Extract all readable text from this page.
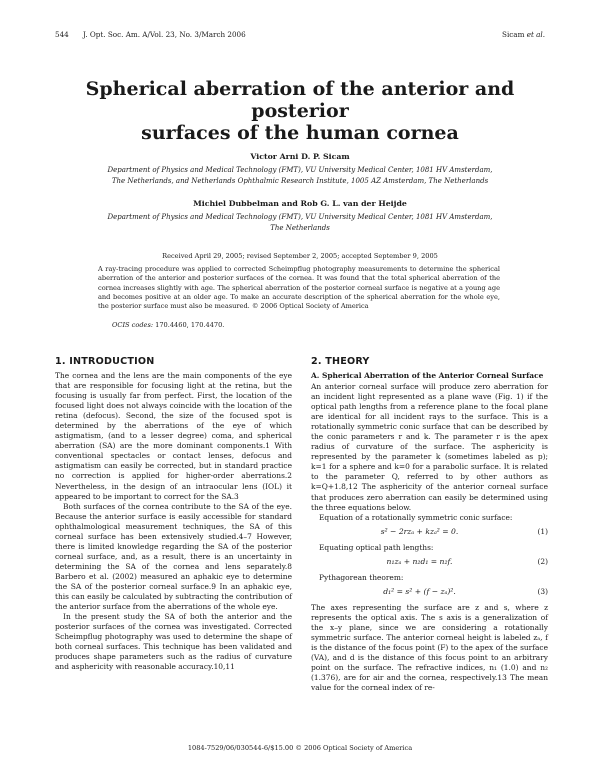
544 J. Opt. Soc. Am. A/Vol. 23, No. 3/March 2006	Sicam et al.
Spherical aberration of the anterior and posterior
surfaces of the human cornea
Victor Arni D. P. Sicam
Department of Physics and Medical Technology (FMT), VU University Medical Center, 1081 HV Amsterdam,
The Netherlands, and Netherlands Ophthalmic Research Institute, 1005 AZ Amsterdam, The Netherlands
Michiel Dubbelman and Rob G. L. van der Heijde
Department of Physics and Medical Technology (FMT), VU University Medical Center, 1081 HV Amsterdam,
The Netherlands
Received April 29, 2005; revised September 2, 2005; accepted September 9, 2005

A ray-tracing procedure was applied to corrected Scheimpflug photography measurements to determine the spherical aberration of the anterior and posterior surfaces of the cornea. It was found that the total spherical aberration of the cornea increases slightly with age. The spherical aberration of the posterior corneal surface is negative at a young age and becomes positive at an older age. To make an accurate description of the spherical aberration for the whole eye, the posterior surface must also be measured. © 2006 Optical Society of America

OCIS codes: 170.4460, 170.4470.
1. INTRODUCTION

The cornea and the lens are the main components of the eye that are responsible for focusing light at the retina, but the focusing is usually far from perfect. First, the location of the focused light does not always coincide with the location of the retina (defocus). Second, the size of the focused spot is determined by the aberrations of the eye of which astigmatism, (and to a lesser degree) coma, and spherical aberration (SA) are the more dominant components.1 With conventional spectacles or contact lenses, defocus and astigmatism can easily be corrected, but in standard practice no correction is applied for higher-order aberrations.2 Nevertheless, in the design of an intraocular lens (IOL) it appeared to be important to correct for the SA.3

Both surfaces of the cornea contribute to the SA of the eye. Because the anterior surface is easily accessible for standard ophthalmological measurement techniques, the SA of this corneal surface has been extensively studied.4–7 However, there is limited knowledge regarding the SA of the posterior corneal surface, and, as a result, there is an uncertainty in determining the SA of the cornea and lens separately.8 Barbero et al. (2002) measured an aphakic eye to determine the SA of the posterior corneal surface.9 In an aphakic eye, this can easily be calculated by subtracting the contribution of the anterior surface from the aberrations of the whole eye.

In the present study the SA of both the anterior and the posterior surfaces of the cornea was investigated. Corrected Scheimpflug photography was used to determine the shape of both corneal surfaces. This technique has been validated and produces shape parameters such as the radius of curvature and asphericity with reasonable accuracy.10,11

2. THEORY
A. Spherical Aberration of the Anterior Corneal Surface

An anterior corneal surface will produce zero aberration for an incident light represented as a plane wave (Fig. 1) if the optical path lengths from a reference plane to the focal plane are identical for all incident rays to the surface. This is a rotationally symmetric conic surface that can be described by the conic parameters r and k. The parameter r is the apex radius of curvature of the surface. The asphericity is represented by the parameter k (sometimes labeled as p); k=1 for a sphere and k=0 for a parabolic surface. It is related to the parameter Q, referred to by other authors as k=Q+1.8,12 The asphericity of the anterior corneal surface that produces zero aberration can easily be determined using the three equations below.

Equation of a rotationally symmetric conic surface:

s² − 2rzₐ + kzₐ² = 0.	(1)

Equating optical path lengths:

n₁zₐ + n₂d₁ = n₂f.	(2)

Pythagorean theorem:

d₁² = s² + (f − zₐ)².	(3)

The axes representing the surface are z and s, where z represents the optical axis. The s axis is a generalization of the x–y plane, since we are considering a rotationally symmetric surface. The anterior corneal height is labeled zₐ, f is the distance of the focus point (F) to the apex of the surface (VA), and d is the distance of this focus point to an arbitrary point on the surface. The refractive indices, n₁ (1.0) and n₂ (1.376), are for air and the cornea, respectively.13 The mean value for the corneal index of re-

1084-7529/06/030544-6/$15.00 © 2006 Optical Society of America
